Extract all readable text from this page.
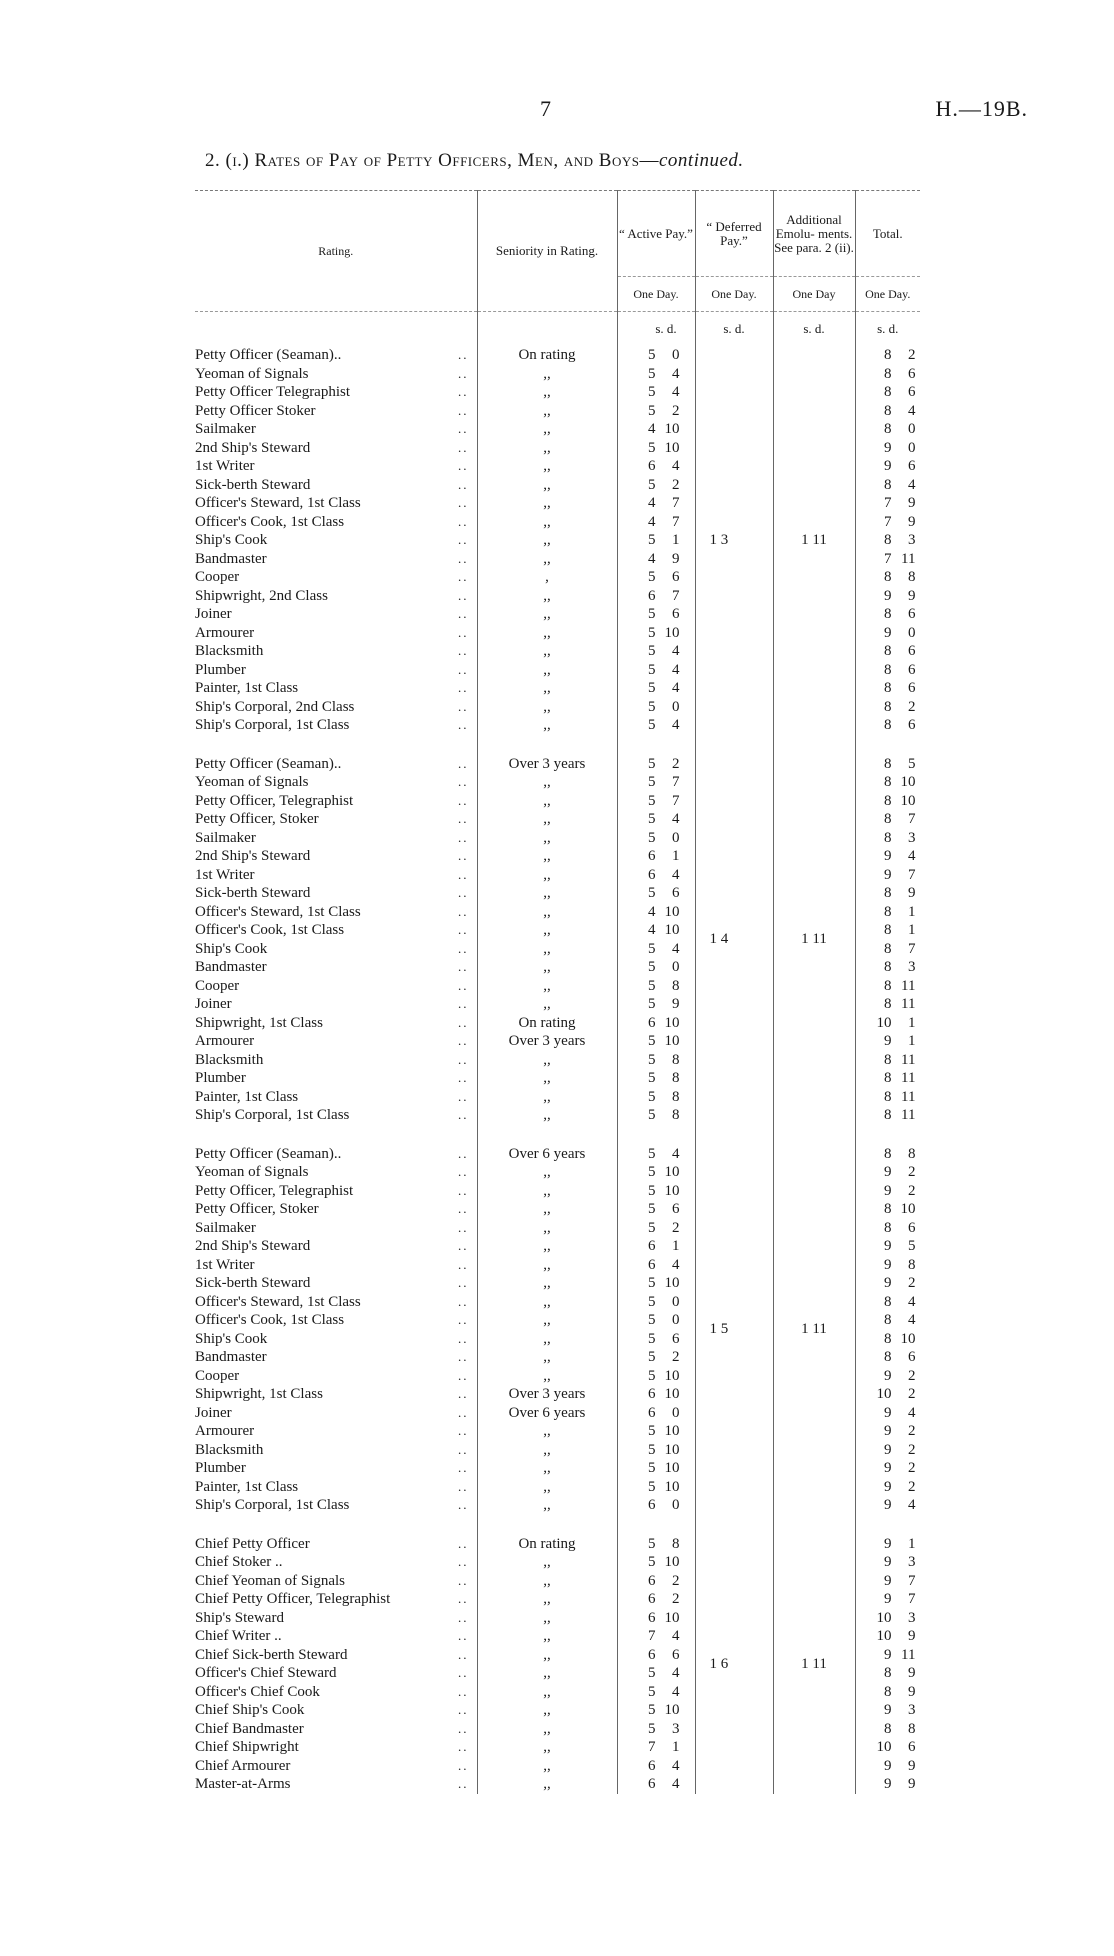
7	H.—19B.
2. (i.) Rates of Pay of Petty Officers, Men, and Boys—continued.
Rating.	Seniority in Rating.	“ Active Pay.”	“ Deferred Pay.”	Additional Emolu- ments. See para. 2 (ii).	Total.
		One Day.	One Day.	One Day	One Day.
		s. d.	s. d.	s. d.	s. d.
Petty Officer (Seaman).. ..	On rating	5 0	1 3	1 11	8 2
Yeoman of Signals ..	,,	5 4			8 6
Petty Officer Telegraphist ..	,,	5 4			8 6
Petty Officer Stoker ..	,,	5 2			8 4
Sailmaker ..	,,	4 10			8 0
2nd Ship's Steward ..	,,	5 10			9 0
1st Writer ..	,,	6 4			9 6
Sick-berth Steward ..	,,	5 2			8 4
Officer's Steward, 1st Class ..	,,	4 7			7 9
Officer's Cook, 1st Class ..	,,	4 7			7 9
Ship's Cook ..	,,	5 1			8 3
Bandmaster ..	,,	4 9			7 11
Cooper ..	,	5 6			8 8
Shipwright, 2nd Class ..	,,	6 7			9 9
Joiner ..	,,	5 6			8 6
Armourer ..	,,	5 10			9 0
Blacksmith ..	,,	5 4			8 6
Plumber ..	,,	5 4			8 6
Painter, 1st Class ..	,,	5 4			8 6
Ship's Corporal, 2nd Class ..	,,	5 0			8 2
Ship's Corporal, 1st Class ..	,,	5 4			8 6

Petty Officer (Seaman).. ..	Over 3 years	5 2	1 4	1 11	8 5
Yeoman of Signals ..	,,	5 7			8 10
Petty Officer, Telegraphist ..	,,	5 7			8 10
Petty Officer, Stoker ..	,,	5 4			8 7
Sailmaker ..	,,	5 0			8 3
2nd Ship's Steward ..	,,	6 1			9 4
1st Writer ..	,,	6 4			9 7
Sick-berth Steward ..	,,	5 6			8 9
Officer's Steward, 1st Class ..	,,	4 10			8 1
Officer's Cook, 1st Class ..	,,	4 10			8 1
Ship's Cook ..	,,	5 4			8 7
Bandmaster ..	,,	5 0			8 3
Cooper ..	,,	5 8			8 11
Joiner ..	,,	5 9			8 11
Shipwright, 1st Class ..	On rating	6 10			10 1
Armourer ..	Over 3 years	5 10			9 1
Blacksmith ..	,,	5 8			8 11
Plumber ..	,,	5 8			8 11
Painter, 1st Class ..	,,	5 8			8 11
Ship's Corporal, 1st Class ..	,,	5 8			8 11

Petty Officer (Seaman).. ..	Over 6 years	5 4	1 5	1 11	8 8
Yeoman of Signals ..	,,	5 10			9 2
Petty Officer, Telegraphist ..	,,	5 10			9 2
Petty Officer, Stoker ..	,,	5 6			8 10
Sailmaker ..	,,	5 2			8 6
2nd Ship's Steward ..	,,	6 1			9 5
1st Writer ..	,,	6 4			9 8
Sick-berth Steward ..	,,	5 10			9 2
Officer's Steward, 1st Class ..	,,	5 0			8 4
Officer's Cook, 1st Class ..	,,	5 0			8 4
Ship's Cook ..	,,	5 6			8 10
Bandmaster ..	,,	5 2			8 6
Cooper ..	,,	5 10			9 2
Shipwright, 1st Class ..	Over 3 years	6 10			10 2
Joiner ..	Over 6 years	6 0			9 4
Armourer ..	,,	5 10			9 2
Blacksmith ..	,,	5 10			9 2
Plumber ..	,,	5 10			9 2
Painter, 1st Class ..	,,	5 10			9 2
Ship's Corporal, 1st Class ..	,,	6 0			9 4

Chief Petty Officer ..	On rating	5 8	1 6	1 11	9 1
Chief Stoker .. ..	,,	5 10			9 3
Chief Yeoman of Signals ..	,,	6 2			9 7
Chief Petty Officer, Telegraphist ..	,,	6 2			9 7
Ship's Steward ..	,,	6 10			10 3
Chief Writer .. ..	,,	7 4			10 9
Chief Sick-berth Steward ..	,,	6 6			9 11
Officer's Chief Steward ..	,,	5 4			8 9
Officer's Chief Cook ..	,,	5 4			8 9
Chief Ship's Cook ..	,,	5 10			9 3
Chief Bandmaster ..	,,	5 3			8 8
Chief Shipwright ..	,,	7 1			10 6
Chief Armourer ..	,,	6 4			9 9
Master-at-Arms ..	,,	6 4			9 9
